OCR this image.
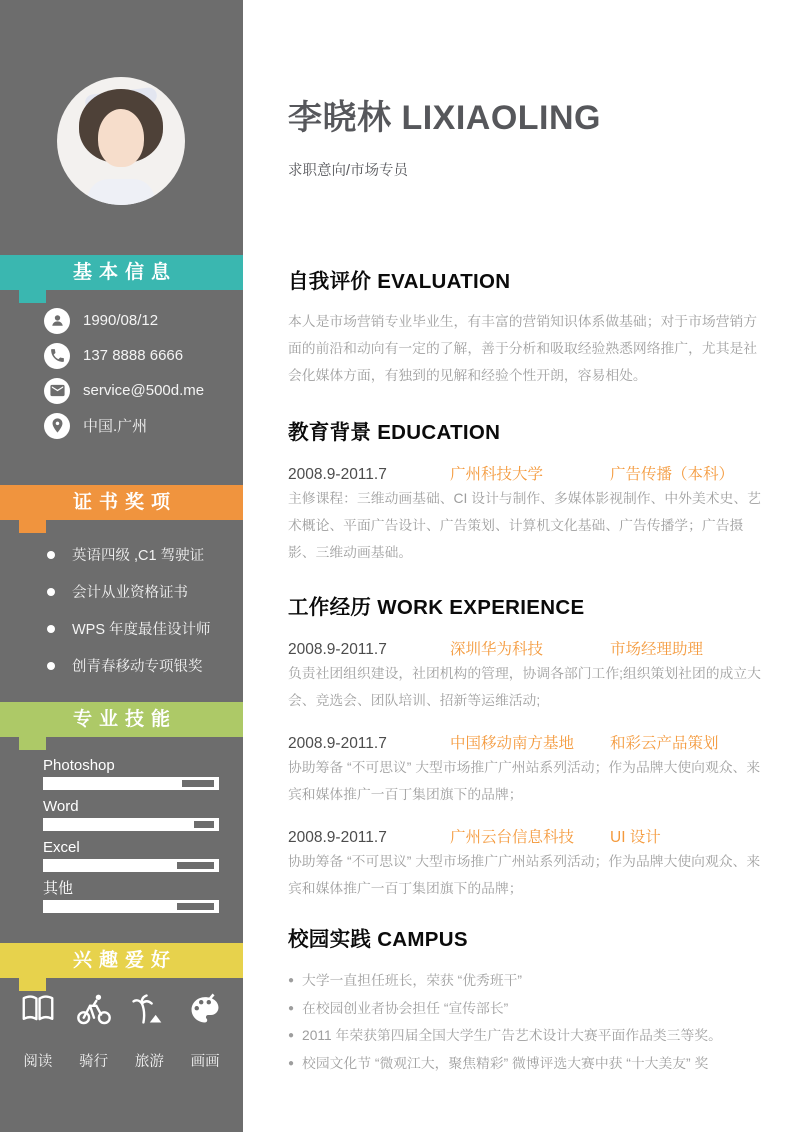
基本信息
1990/08/12
137 8888 6666
service@500d.me
中国.广州
证书奖项
英语四级 ,C1 驾驶证
会计从业资格证书
WPS 年度最佳设计师
创青春移动专项银奖
专业技能
Photoshop
Word
Excel
其他
兴趣爱好
阅读	骑行	旅游	画画
李晓林 LIXIAOLING
求职意向/市场专员
自我评价 EVALUATION
本人是市场营销专业毕业生，有丰富的营销知识体系做基础；对于市场营销方面的前沿和动向有一定的了解，善于分析和吸取经验熟悉网络推广，尤其是社会化媒体方面，有独到的见解和经验个性开朗，容易相处。
教育背景 EDUCATION
2008.9-2011.7	广州科技大学	广告传播（本科）
主修课程：三维动画基础、CI 设计与制作、多媒体影视制作、中外美术史、艺术概论、平面广告设计、广告策划、计算机文化基础、广告传播学；广告摄影、三维动画基础。
工作经历 WORK EXPERIENCE
2008.9-2011.7	深圳华为科技	市场经理助理
负责社团组织建设，社团机构的管理，协调各部门工作;组织策划社团的成立大会、竞选会、团队培训、招新等运维活动;
2008.9-2011.7	中国移动南方基地	和彩云产品策划
协助筹备 “不可思议” 大型市场推广广州站系列活动；作为品牌大使向观众、来宾和媒体推广一百丁集团旗下的品牌；
2008.9-2011.7	广州云台信息科技	UI 设计
协助筹备 “不可思议” 大型市场推广广州站系列活动；作为品牌大使向观众、来宾和媒体推广一百丁集团旗下的品牌；
校园实践 CAMPUS
● 大学一直担任班长，荣获 “优秀班干”
● 在校园创业者协会担任 “宣传部长”
● 2011 年荣获第四届全国大学生广告艺术设计大赛平面作品类三等奖。
● 校园文化节 “微观江大，聚焦精彩” 微博评选大赛中获 “十大美友” 奖
